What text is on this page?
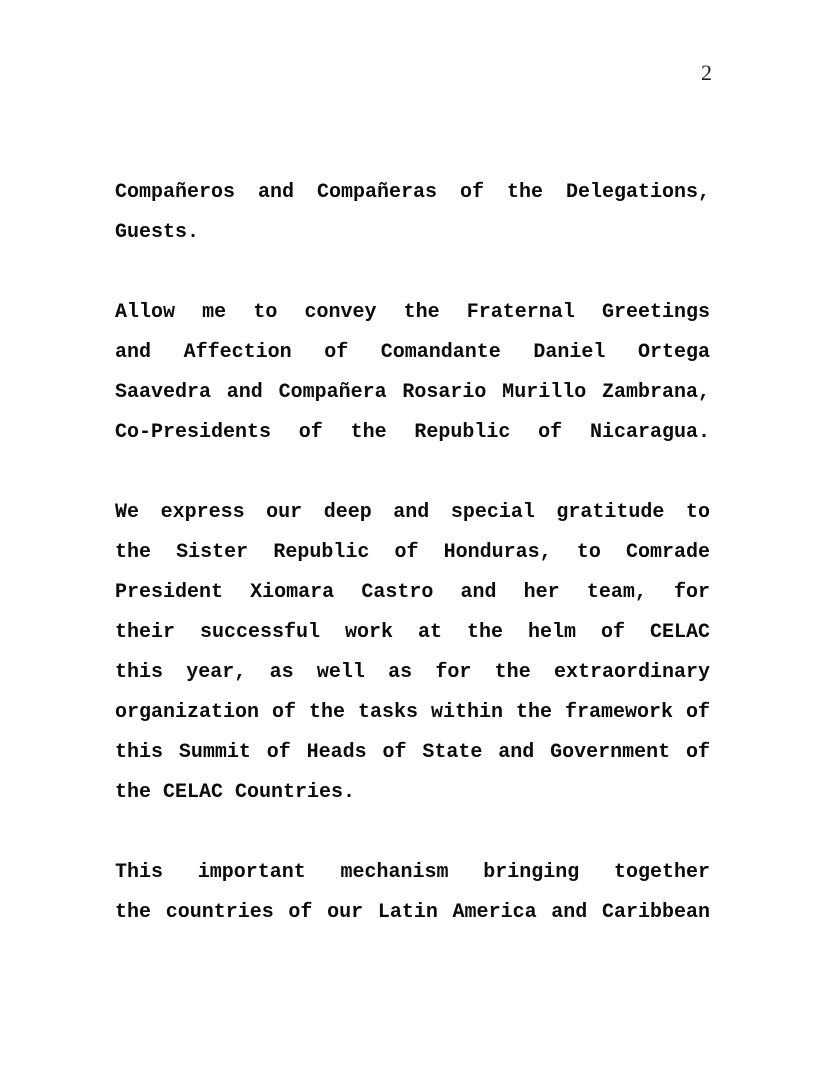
2
Compañeros and Compañeras of the Delegations,
Guests.
Allow me to convey the Fraternal Greetings
and Affection of Comandante Daniel Ortega
Saavedra and Compañera Rosario Murillo Zambrana,
Co-Presidents of the Republic of Nicaragua.
We express our deep and special gratitude to
the Sister Republic of Honduras, to Comrade
President Xiomara Castro and her team, for
their successful work at the helm of CELAC
this year, as well as for the extraordinary
organization of the tasks within the framework of
this Summit of Heads of State and Government of
the CELAC Countries.
This important mechanism bringing together
the countries of our Latin America and Caribbean
